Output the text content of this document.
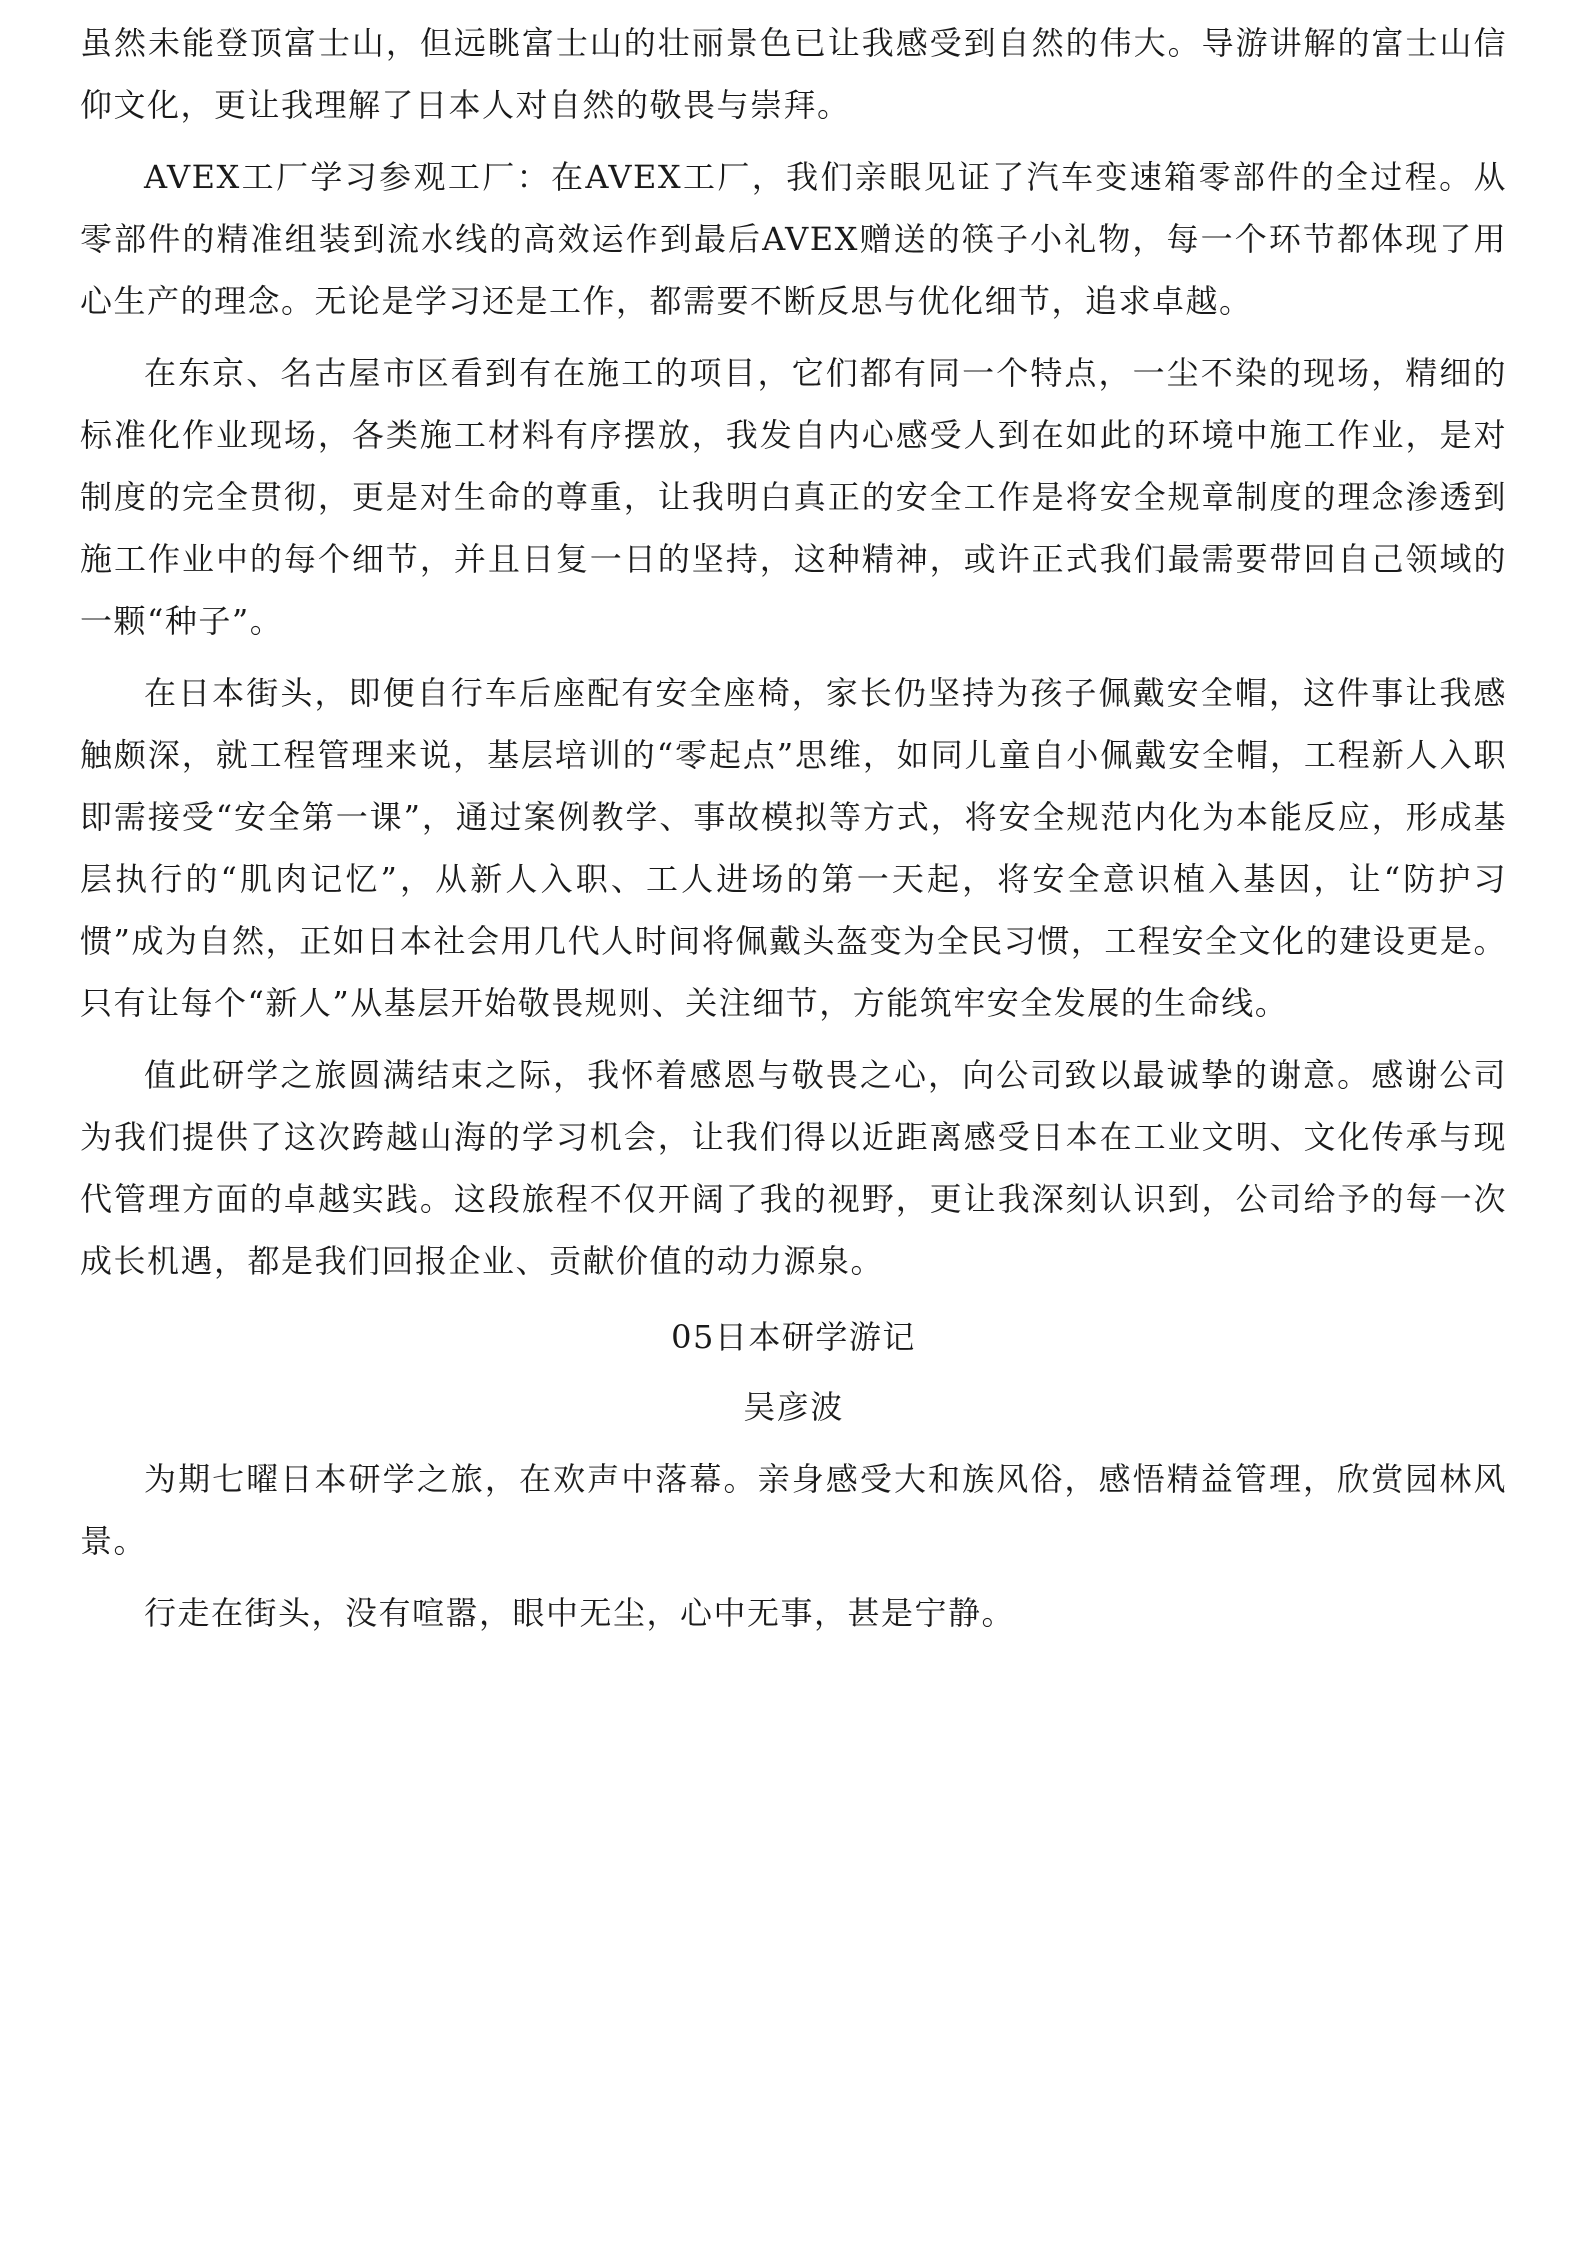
虽然未能登顶富士山，但远眺富士山的壮丽景色已让我感受到自然的伟大。导游讲解的富士山信仰文化，更让我理解了日本人对自然的敬畏与崇拜。

AVEX工厂学习参观工厂：在AVEX工厂，我们亲眼见证了汽车变速箱零部件的全过程。从零部件的精准组装到流水线的高效运作到最后AVEX赠送的筷子小礼物，每一个环节都体现了用心生产的理念。无论是学习还是工作，都需要不断反思与优化细节，追求卓越。

在东京、名古屋市区看到有在施工的项目，它们都有同一个特点，一尘不染的现场，精细的标准化作业现场，各类施工材料有序摆放，我发自内心感受人到在如此的环境中施工作业，是对制度的完全贯彻，更是对生命的尊重，让我明白真正的安全工作是将安全规章制度的理念渗透到施工作业中的每个细节，并且日复一日的坚持，这种精神，或许正式我们最需要带回自己领域的一颗“种子”。

在日本街头，即便自行车后座配有安全座椅，家长仍坚持为孩子佩戴安全帽，这件事让我感触颇深，就工程管理来说，基层培训的“零起点”思维，如同儿童自小佩戴安全帽，工程新人入职即需接受“安全第一课”，通过案例教学、事故模拟等方式，将安全规范内化为本能反应，形成基层执行的“肌肉记忆”，从新人入职、工人进场的第一天起，将安全意识植入基因，让“防护习惯”成为自然，正如日本社会用几代人时间将佩戴头盔变为全民习惯，工程安全文化的建设更是。只有让每个“新人”从基层开始敬畏规则、关注细节，方能筑牢安全发展的生命线。

值此研学之旅圆满结束之际，我怀着感恩与敬畏之心，向公司致以最诚挚的谢意。感谢公司为我们提供了这次跨越山海的学习机会，让我们得以近距离感受日本在工业文明、文化传承与现代管理方面的卓越实践。这段旅程不仅开阔了我的视野，更让我深刻认识到，公司给予的每一次成长机遇，都是我们回报企业、贡献价值的动力源泉。

05日本研学游记
吴彦波

为期七曜日本研学之旅，在欢声中落幕。亲身感受大和族风俗，感悟精益管理，欣赏园林风景。

行走在街头，没有喧嚣，眼中无尘，心中无事，甚是宁静。
